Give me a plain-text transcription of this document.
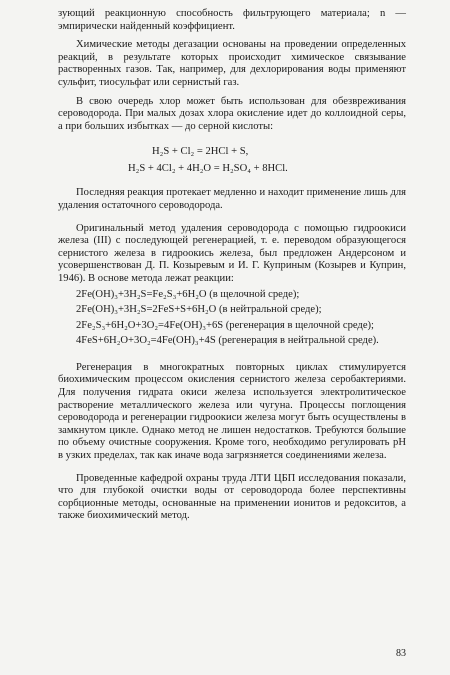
зующий реакционную способность фильтрующего материала; n — эмпирически найденный коэффициент.

Химические методы дегазации основаны на проведении определенных реакций, в результате которых происходит химическое связывание растворенных газов. Так, например, для дехлорирования воды применяют сульфит, тиосульфат или сернистый газ.

В свою очередь хлор может быть использован для обезвреживания сероводорода. При малых дозах хлора окисление идет до коллоидной серы, а при больших избытках — до серной кислоты:

H₂S + Cl₂ = 2HCl + S,
H₂S + 4Cl₂ + 4H₂O = H₂SO₄ + 8HCl.

Последняя реакция протекает медленно и находит применение лишь для удаления остаточного сероводорода.

Оригинальный метод удаления сероводорода с помощью гидроокиси железа (III) с последующей регенерацией, т. е. переводом образующегося сернистого железа в гидроокись железа, был предложен Андерсоном и усовершенствован Д. П. Козыревым и И. Г. Куприным (Козырев и Куприн, 1946). В основе метода лежат реакции:

2Fe(OH)₃+3H₂S=Fe₂S₃+6H₂O (в щелочной среде);

2Fe(OH)₃+3H₂S=2FeS+S+6H₂O (в нейтральной среде);

2Fe₂S₃+6H₂O+3O₂=4Fe(OH)₃+6S (регенерация в щелочной среде);

4FeS+6H₂O+3O₂=4Fe(OH)₃+4S (регенерация в нейтральной среде).

Регенерация в многократных повторных циклах стимулируется биохимическим процессом окисления сернистого железа серобактериями. Для получения гидрата окиси железа используется электролитическое растворение металлического железа или чугуна. Процессы поглощения сероводорода и регенерации гидроокиси железа могут быть осуществлены в замкнутом цикле. Однако метод не лишен недостатков. Требуются большие по объему очистные сооружения. Кроме того, необходимо регулировать pH в узких пределах, так как иначе вода загрязняется соединениями железа.

Проведенные кафедрой охраны труда ЛТИ ЦБП исследования показали, что для глубокой очистки воды от сероводорода более перспективны сорбционные методы, основанные на применении ионитов и редокситов, а также биохимический метод.

83
